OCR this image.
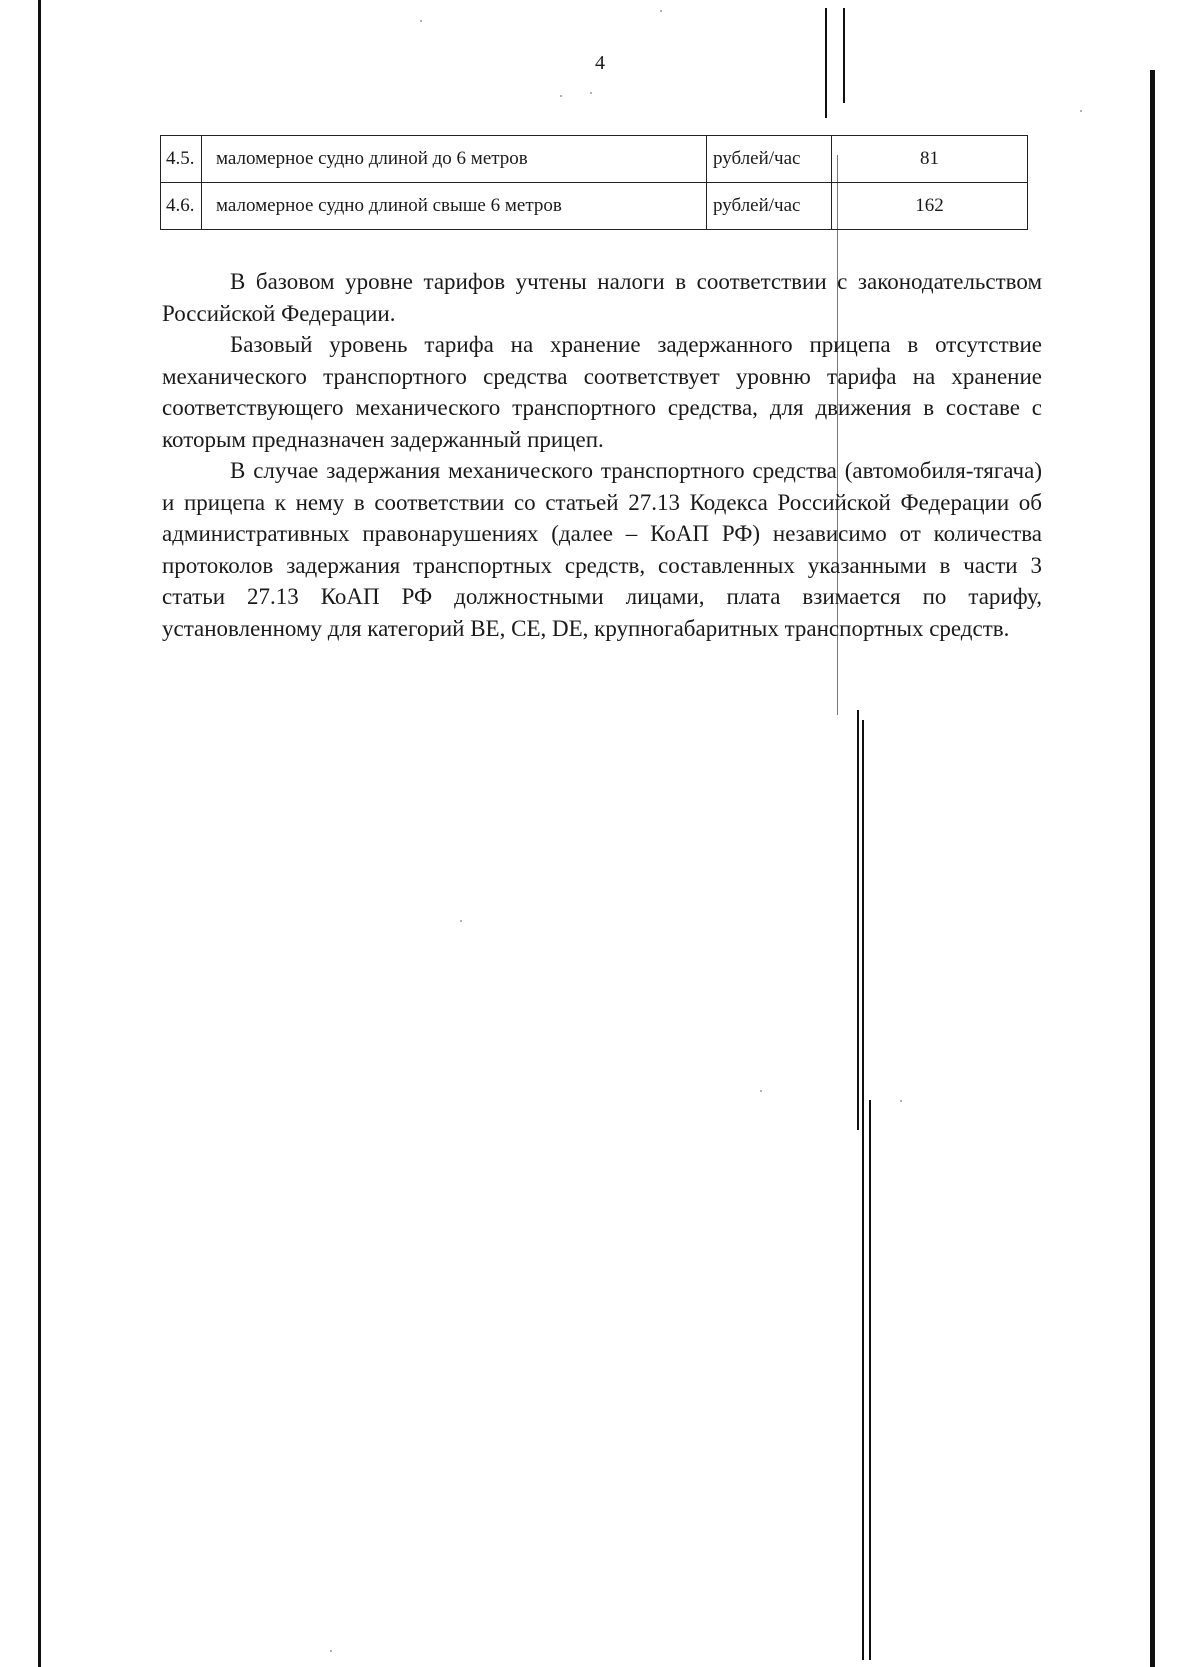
4
4.5.	маломерное судно длиной до 6 метров	рублей/час	81
4.6.	маломерное судно длиной свыше 6 метров	рублей/час	162

В базовом уровне тарифов учтены налоги в соответствии с законодательством Российской Федерации.

Базовый уровень тарифа на хранение задержанного прицепа в отсутствие механического транспортного средства соответствует уровню тарифа на хранение соответствующего механического транспортного средства, для движения в составе с которым предназначен задержанный прицеп.

В случае задержания механического транспортного средства (автомобиля-тягача) и прицепа к нему в соответствии со статьей 27.13 Кодекса Российской Федерации об административных правонарушениях (далее – КоАП РФ) независимо от количества протоколов задержания транспортных средств, составленных указанными в части 3 статьи 27.13 КоАП РФ должностными лицами, плата взимается по тарифу, установленному для категорий BE, CE, DE, крупногабаритных транспортных средств.
